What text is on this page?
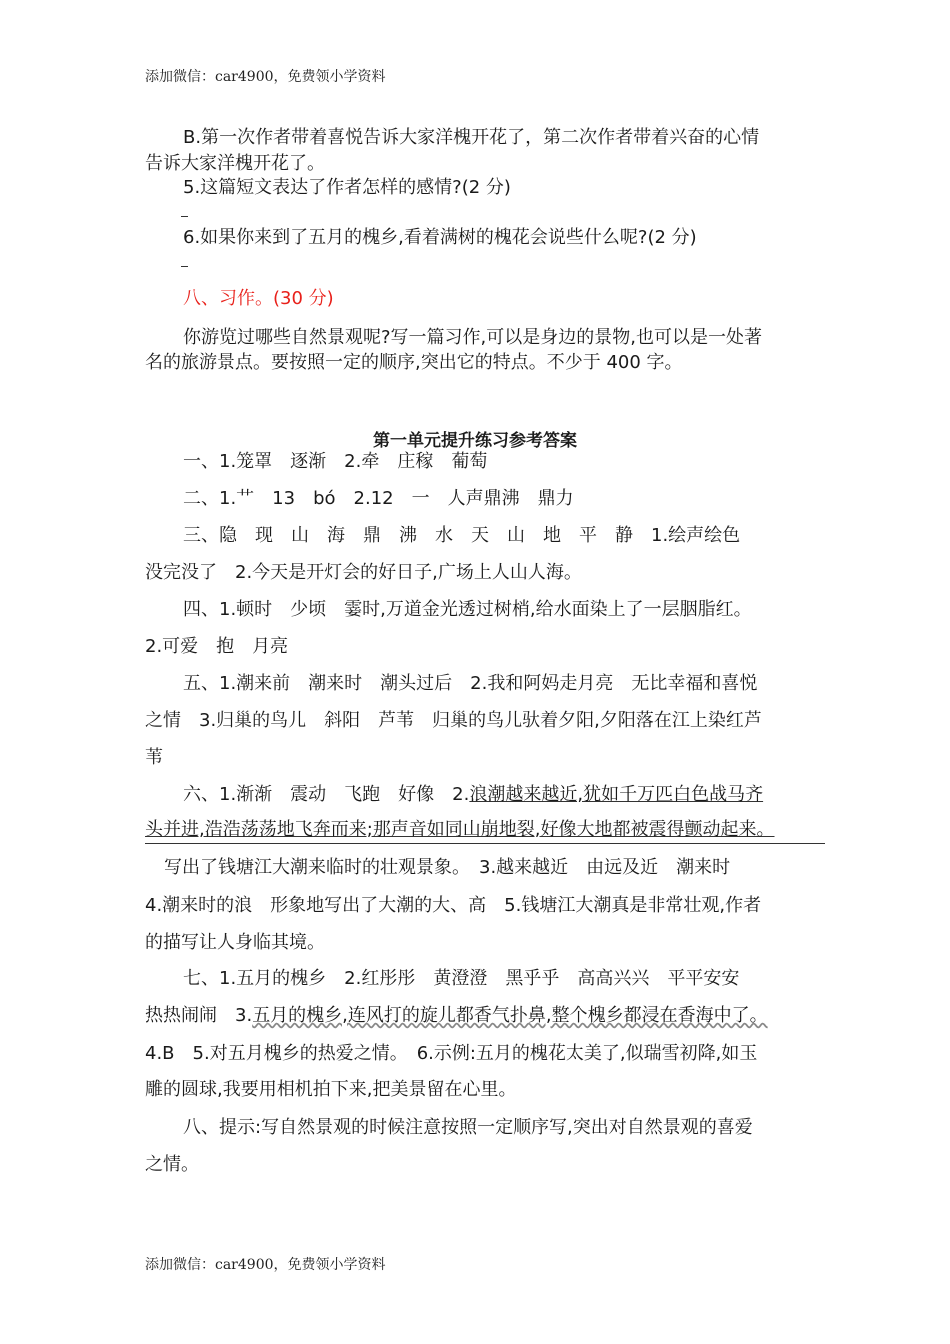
添加微信：car4900，免费领小学资料
B.第一次作者带着喜悦告诉大家洋槐开花了，第二次作者带着兴奋的心情
告诉大家洋槐开花了。
5.这篇短文表达了作者怎样的感情?(2 分)
6.如果你来到了五月的槐乡,看着满树的槐花会说些什么呢?(2 分)
八、习作。(30 分)
你游览过哪些自然景观呢?写一篇习作,可以是身边的景物,也可以是一处著
名的旅游景点。要按照一定的顺序,突出它的特点。不少于 400 字。
第一单元提升练习参考答案
一、1.笼罩　逐渐　2.牵　庄稼　葡萄
二、1.艹　13　bó　2.12　一　人声鼎沸　鼎力
三、隐　现　山　海　鼎　沸　水　天　山　地　平　静　1.绘声绘色
没完没了　2.今天是开灯会的好日子,广场上人山人海。
四、1.顿时　少顷　霎时,万道金光透过树梢,给水面染上了一层胭脂红。
2.可爱　抱　月亮
五、1.潮来前　潮来时　潮头过后　2.我和阿妈走月亮　无比幸福和喜悦
之情　3.归巢的鸟儿　斜阳　芦苇　归巢的鸟儿驮着夕阳,夕阳落在江上染红芦
苇
六、1.渐渐　震动　飞跑　好像　2.浪潮越来越近,犹如千万匹白色战马齐
头并进,浩浩荡荡地飞奔而来;那声音如同山崩地裂,好像大地都被震得颤动起来。
写出了钱塘江大潮来临时的壮观景象。　3.越来越近　由远及近　潮来时
4.潮来时的浪　形象地写出了大潮的大、高　5.钱塘江大潮真是非常壮观,作者
的描写让人身临其境。
七、1.五月的槐乡　2.红彤彤　黄澄澄　黑乎乎　高高兴兴　平平安安
热热闹闹　3.五月的槐乡,连风打的旋儿都香气扑鼻,整个槐乡都浸在香海中了。
4.B　5.对五月槐乡的热爱之情。　6.示例:五月的槐花太美了,似瑞雪初降,如玉
雕的圆球,我要用相机拍下来,把美景留在心里。
八、提示:写自然景观的时候注意按照一定顺序写,突出对自然景观的喜爱
之情。
添加微信：car4900，免费领小学资料
